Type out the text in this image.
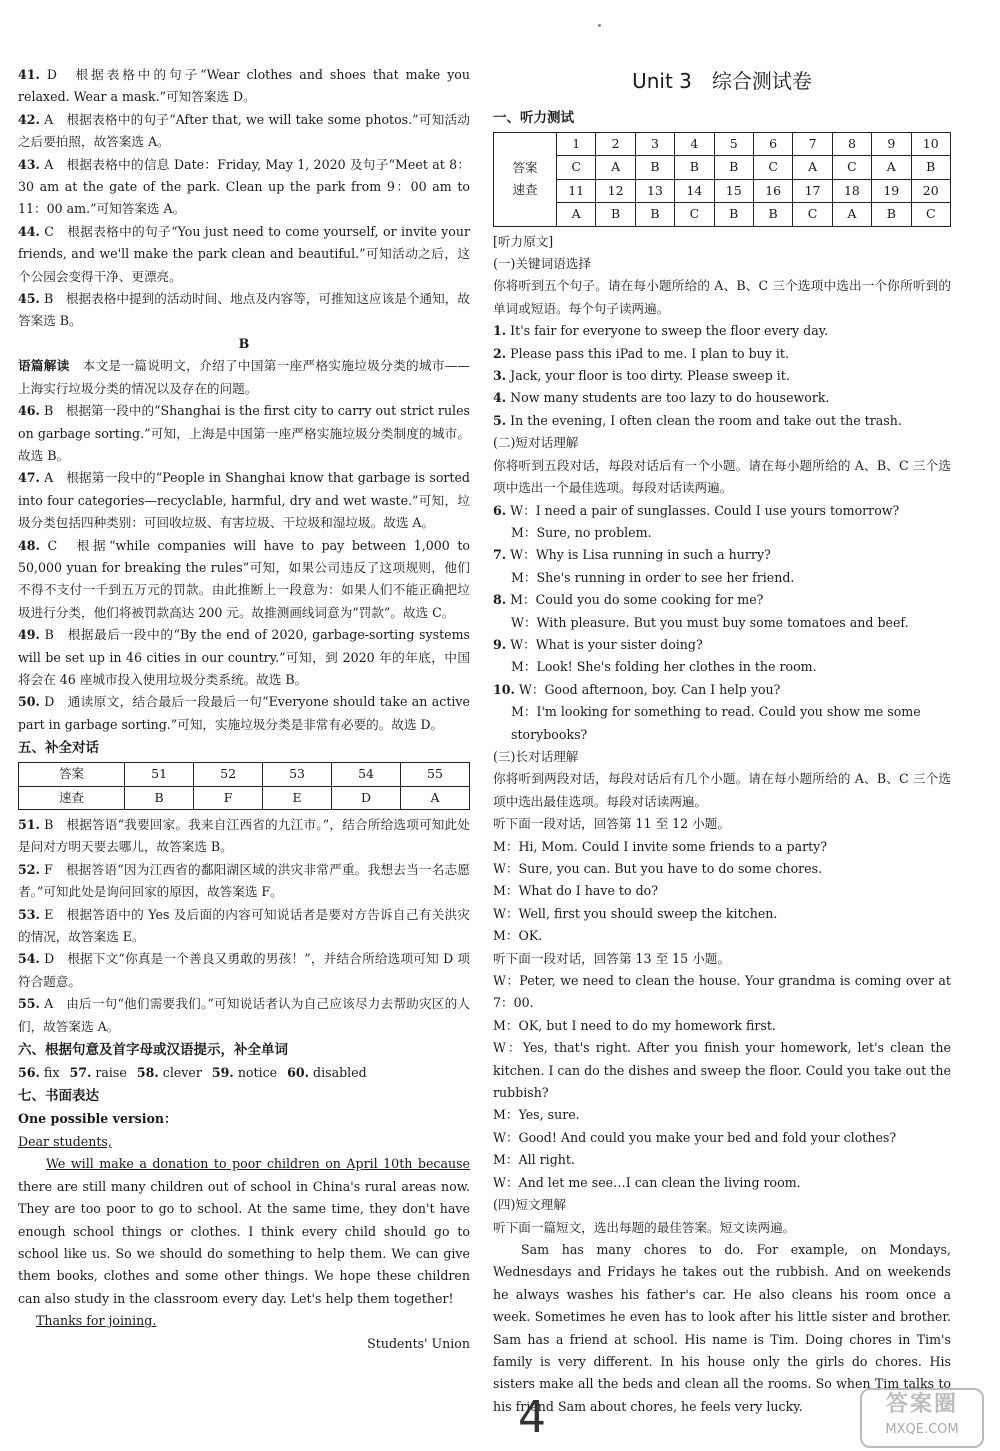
41. D　根据表格中的句子“Wear clothes and shoes that make you relaxed. Wear a mask.”可知答案选 D。

42. A　根据表格中的句子“After that, we will take some photos.”可知活动之后要拍照，故答案选 A。

43. A　根据表格中的信息 Date：Friday, May 1, 2020 及句子“Meet at 8：30 am at the gate of the park. Clean up the park from 9：00 am to 11：00 am.”可知答案选 A。

44. C　根据表格中的句子“You just need to come yourself, or invite your friends, and we'll make the park clean and beautiful.”可知活动之后，这个公园会变得干净、更漂亮。

45. B　根据表格中提到的活动时间、地点及内容等，可推知这应该是个通知，故答案选 B。

B

语篇解读　本文是一篇说明文，介绍了中国第一座严格实施垃圾分类的城市——上海实行垃圾分类的情况以及存在的问题。

46. B　根据第一段中的“Shanghai is the first city to carry out strict rules on garbage sorting.”可知，上海是中国第一座严格实施垃圾分类制度的城市。故选 B。

47. A　根据第一段中的“People in Shanghai know that garbage is sorted into four categories—recyclable, harmful, dry and wet waste.”可知，垃圾分类包括四种类别：可回收垃圾、有害垃圾、干垃圾和湿垃圾。故选 A。

48. C　根据“while companies will have to pay between 1,000 to 50,000 yuan for breaking the rules”可知，如果公司违反了这项规则，他们不得不支付一千到五万元的罚款。由此推断上一段意为：如果人们不能正确把垃圾进行分类，他们将被罚款高达 200 元。故推测画线词意为“罚款”。故选 C。

49. B　根据最后一段中的“By the end of 2020, garbage-sorting systems will be set up in 46 cities in our country.”可知，到 2020 年的年底，中国将会在 46 座城市投入使用垃圾分类系统。故选 B。

50. D　通读原文，结合最后一段最后一句“Everyone should take an active part in garbage sorting.”可知，实施垃圾分类是非常有必要的。故选 D。

五、补全对话

答案	51	52	53	54	55
速查	B	F	E	D	A

51. B　根据答语“我要回家。我来自江西省的九江市。”，结合所给选项可知此处是问对方明天要去哪儿，故答案选 B。

52. F　根据答语“因为江西省的鄱阳湖区域的洪灾非常严重。我想去当一名志愿者。”可知此处是询问回家的原因，故答案选 F。

53. E　根据答语中的 Yes 及后面的内容可知说话者是要对方告诉自己有关洪灾的情况，故答案选 E。

54. D　根据下文“你真是一个善良又勇敢的男孩！”，并结合所给选项可知 D 项符合题意。

55. A　由后一句“他们需要我们。”可知说话者认为自己应该尽力去帮助灾区的人们，故答案选 A。

六、根据句意及首字母或汉语提示，补全单词

56. fix 57. raise 58. clever 59. notice 60. disabled

七、书面表达

One possible version：

Dear students,

We will make a donation to poor children on April 10th because there are still many children out of school in China's rural areas now. They are too poor to go to school. At the same time, they don't have enough school things or clothes. I think every child should go to school like us. So we should do something to help them. We can give them books, clothes and some other things. We hope these children can also study in the classroom every day. Let's help them together!

Thanks for joining.

Students' Union

Unit 3　综合测试卷

一、听力测试

答案
速查	1	2	3	4	5	6	7	8	9	10
	C	A	B	B	B	C	A	C	A	B
	11	12	13	14	15	16	17	18	19	20
	A	B	B	C	B	B	C	A	B	C

[听力原文]

(一)关键词语选择

你将听到五个句子。请在每小题所给的 A、B、C 三个选项中选出一个你所听到的单词或短语。每个句子读两遍。

1. It's fair for everyone to sweep the floor every day.

2. Please pass this iPad to me. I plan to buy it.

3. Jack, your floor is too dirty. Please sweep it.

4. Now many students are too lazy to do housework.

5. In the evening, I often clean the room and take out the trash.

(二)短对话理解

你将听到五段对话，每段对话后有一个小题。请在每小题所给的 A、B、C 三个选项中选出一个最佳选项。每段对话读两遍。

6. W：I need a pair of sunglasses. Could I use yours tomorrow?

M：Sure, no problem.

7. W：Why is Lisa running in such a hurry?

M：She's running in order to see her friend.

8. M：Could you do some cooking for me?

W：With pleasure. But you must buy some tomatoes and beef.

9. W：What is your sister doing?

M：Look! She's folding her clothes in the room.

10. W：Good afternoon, boy. Can I help you?

M：I'm looking for something to read. Could you show me some storybooks?

(三)长对话理解

你将听到两段对话，每段对话后有几个小题。请在每小题所给的 A、B、C 三个选项中选出最佳选项。每段对话读两遍。

听下面一段对话，回答第 11 至 12 小题。

M：Hi, Mom. Could I invite some friends to a party?

W：Sure, you can. But you have to do some chores.

M：What do I have to do?

W：Well, first you should sweep the kitchen.

M：OK.

听下面一段对话，回答第 13 至 15 小题。

W：Peter, we need to clean the house. Your grandma is coming over at 7：00.

M：OK, but I need to do my homework first.

W：Yes, that's right. After you finish your homework, let's clean the kitchen. I can do the dishes and sweep the floor. Could you take out the rubbish?

M：Yes, sure.

W：Good! And could you make your bed and fold your clothes?

M：All right.

W：And let me see…I can clean the living room.

(四)短文理解

听下面一篇短文，选出每题的最佳答案。短文读两遍。

Sam has many chores to do. For example, on Mondays, Wednesdays and Fridays he takes out the rubbish. And on weekends he always washes his father's car. He also cleans his room once a week. Sometimes he even has to look after his little sister and brother. Sam has a friend at school. His name is Tim. Doing chores in Tim's family is very different. In his house only the girls do chores. His sisters make all the beds and clean all the rooms. So when Tim talks to his friend Sam about chores, he feels very lucky.

4	答案圈
MXQE.COM
